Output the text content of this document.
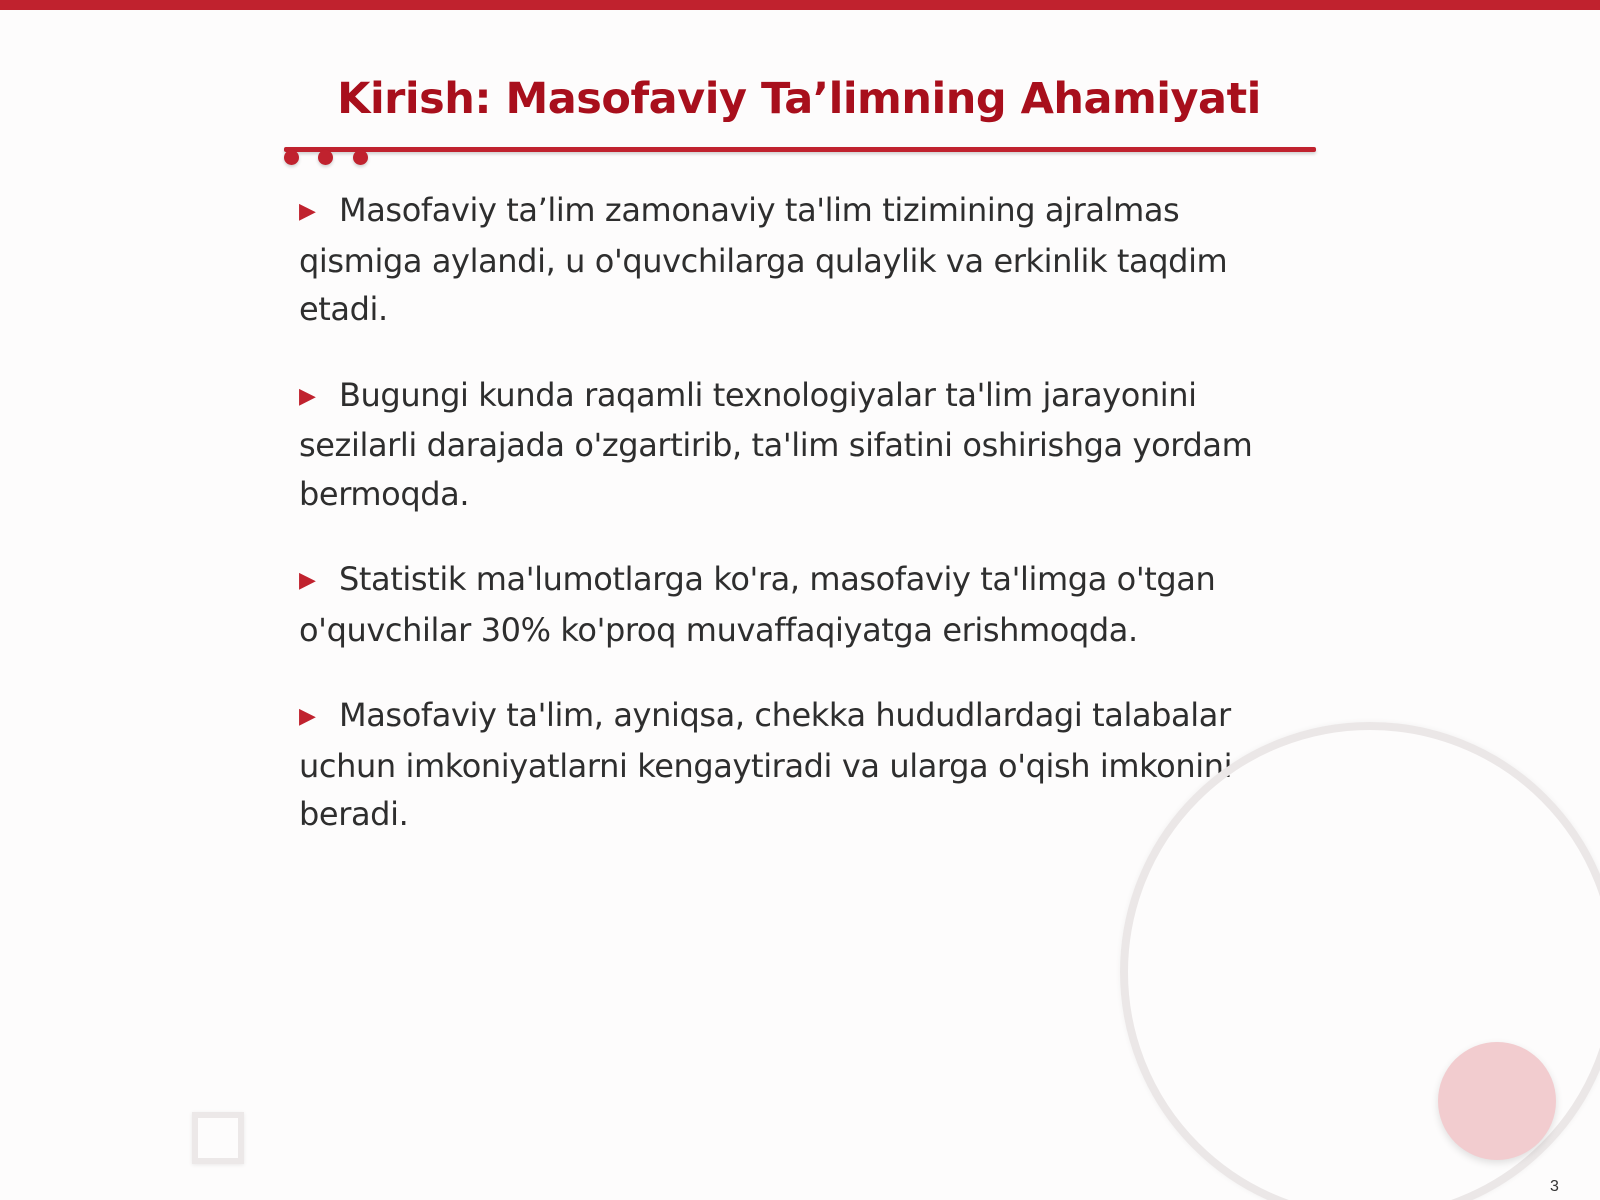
Kirish: Masofaviy Ta’limning Ahamiyati

▶ Masofaviy ta’lim zamonaviy ta'lim tizimining ajralmas qismiga aylandi, u o'quvchilarga qulaylik va erkinlik taqdim etadi.

▶ Bugungi kunda raqamli texnologiyalar ta'lim jarayonini sezilarli darajada o'zgartirib, ta'lim sifatini oshirishga yordam bermoqda.

▶ Statistik ma'lumotlarga ko'ra, masofaviy ta'limga o'tgan o'quvchilar 30% ko'proq muvaffaqiyatga erishmoqda.

▶ Masofaviy ta'lim, ayniqsa, chekka hududlardagi talabalar uchun imkoniyatlarni kengaytiradi va ularga o'qish imkonini beradi.

3
